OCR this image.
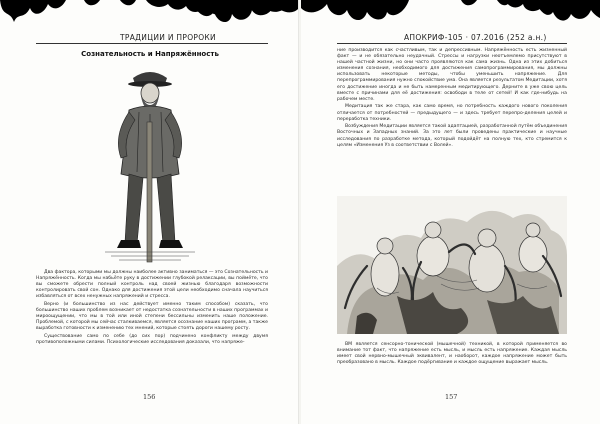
ТРАДИЦИИ И ПРОРОКИ
Сознательность и Напряжённость

Два фактора, которыми мы должны наиболее активно заниматься — это Сознательность и Напряжённость. Когда мы набьёте руку в достижении глубокой релаксации, вы поймёте, что вы сможете обрести полный контроль над своей жизнью благодаря возможности контролировать свой сон. Однако для достижения этой цели необходимо сначала научиться избавляться от всех ненужных напряжений и стресса.

Верно (и большинство из нас действует именно таким способом) сказать, что большинство наших проблем возникает от недостатка сознательности в наших программах и мироощущении, что мы в той или иной степени бессильны изменить наше положение. Проблемой, с которой мы сейчас сталкиваемся, является осознание наших программ, а также выработка готовности к изменению тех мнений, которые стоять дороги нашему росту.

Существование само по себе (до сих пор) подчинено конфликту между двумя противоположными силами. Психологические исследования доказали, что напряже-

156
АПОКРИФ-105 · 07.2016 (252 а.н.)

ние производится как счастливым, так и депрессивным. Напряжённость есть жизненный факт — и не обязательно неудачный. Стрессы и нагрузки неотъемлемо присутствуют в нашей частной жизни, но они часто проявляются как сама жизнь. Одна из этих добиться изменения сознания, необходимого для достижения самопрограммирования, мы должны использовать некоторые методы, чтобы уменьшить напряжение. Для перепрограммирования нужно спокойствие ума. Она является результатом Медитации, хотя его достижение иногда и не быть намеренным медитирующего. Дерните в уже свою цель вместе с причинами для её достижения: освободи в теле от сетей! И как где-нибудь на рабочем месте.

Медитация так же стара, как само время, но потребность каждого нового поколения отличается от потребностей — предыдущего — и здесь требует перепро-деления целей и переработка техники.

Возбуждения Медитации является такой адаптацией, разработанной путём объединения Восточных и Западных знаний. За это лет были проведены практические и научные исследования по разработке метода, который подойдёт на полную тех, кто стремится к целям «Изменения Уз в соответствии с Волей».

ВМ является сенсорно-тонической (мышечной) техникой, в которой применяется во внимание тот факт, что напряжение есть мысль, и мысль есть напряжение. Каждая мысль имеет свой нервно-мышечный эквивалент, и наоборот, каждое напряжение может быть преобразовано в мысль. Каждое подёргивание и каждое ощущение выражает мысль.

157
